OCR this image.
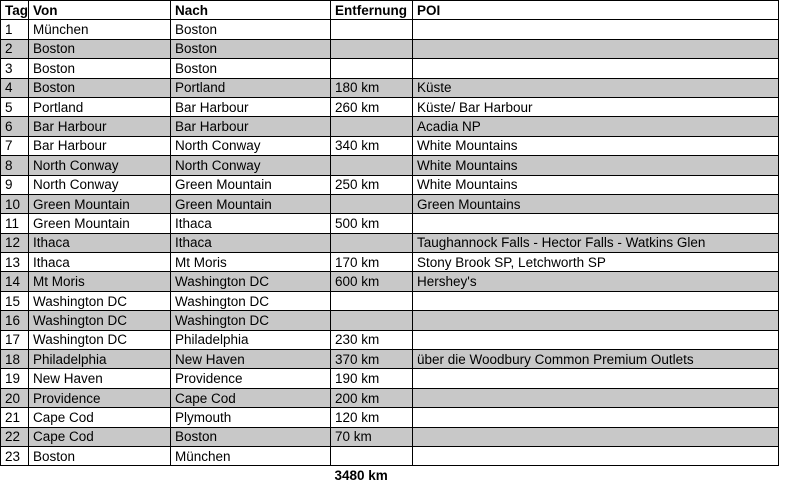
Tag	Von	Nach	Entfernung	POI
1	München	Boston		
2	Boston	Boston		
3	Boston	Boston		
4	Boston	Portland	180 km	Küste
5	Portland	Bar Harbour	260 km	Küste/ Bar Harbour
6	Bar Harbour	Bar Harbour		Acadia NP
7	Bar Harbour	North Conway	340 km	White Mountains
8	North Conway	North Conway		White Mountains
9	North Conway	Green Mountain	250 km	White Mountains
10	Green Mountain	Green Mountain		Green Mountains
11	Green Mountain	Ithaca	500 km	
12	Ithaca	Ithaca		Taughannock Falls - Hector Falls - Watkins Glen
13	Ithaca	Mt Moris	170 km	Stony Brook SP, Letchworth SP
14	Mt Moris	Washington DC	600 km	Hershey's
15	Washington DC	Washington DC		
16	Washington DC	Washington DC		
17	Washington DC	Philadelphia	230 km	
18	Philadelphia	New Haven	370 km	über die Woodbury Common Premium Outlets
19	New Haven	Providence	190 km	
20	Providence	Cape Cod	200 km	
21	Cape Cod	Plymouth	120 km	
22	Cape Cod	Boston	70 km	
23	Boston	München		
			3480 km	
